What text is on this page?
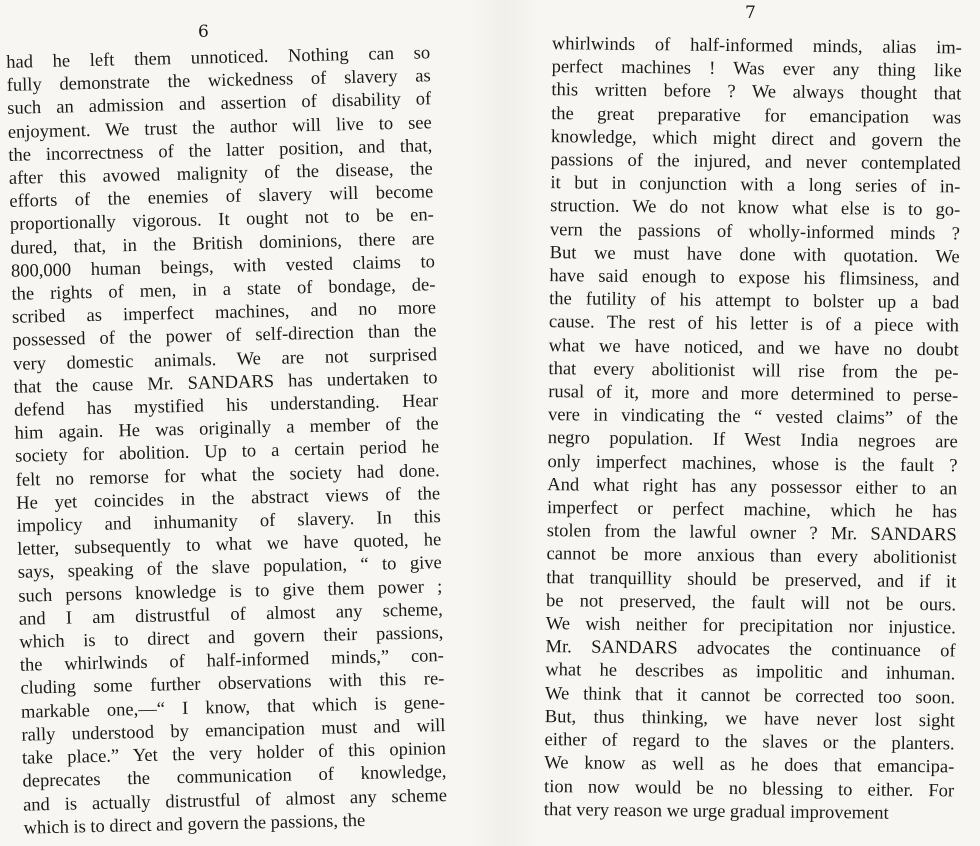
6
had he left them unnoticed. Nothing can so
fully demonstrate the wickedness of slavery as
such an admission and assertion of disability of
enjoyment. We trust the author will live to see
the incorrectness of the latter position, and that,
after this avowed malignity of the disease, the
efforts of the enemies of slavery will become
proportionally vigorous. It ought not to be en-
dured, that, in the British dominions, there are
800,000 human beings, with vested claims to
the rights of men, in a state of bondage, de-
scribed as imperfect machines, and no more
possessed of the power of self-direction than the
very domestic animals. We are not surprised
that the cause Mr. SANDARS has undertaken to
defend has mystified his understanding. Hear
him again. He was originally a member of the
society for abolition. Up to a certain period he
felt no remorse for what the society had done.
He yet coincides in the abstract views of the
impolicy and inhumanity of slavery. In this
letter, subsequently to what we have quoted, he
says, speaking of the slave population, “ to give
such persons knowledge is to give them power ;
and I am distrustful of almost any scheme,
which is to direct and govern their passions,
the whirlwinds of half-informed minds,” con-
cluding some further observations with this re-
markable one,—“ I know, that which is gene-
rally understood by emancipation must and will
take place.” Yet the very holder of this opinion
deprecates the communication of knowledge,
and is actually distrustful of almost any scheme
which is to direct and govern the passions, the
7
whirlwinds of half-informed minds, alias im-
perfect machines ! Was ever any thing like
this written before ? We always thought that
the great preparative for emancipation was
knowledge, which might direct and govern the
passions of the injured, and never contemplated
it but in conjunction with a long series of in-
struction. We do not know what else is to go-
vern the passions of wholly-informed minds ?
But we must have done with quotation. We
have said enough to expose his flimsiness, and
the futility of his attempt to bolster up a bad
cause. The rest of his letter is of a piece with
what we have noticed, and we have no doubt
that every abolitionist will rise from the pe-
rusal of it, more and more determined to perse-
vere in vindicating the “ vested claims” of the
negro population. If West India negroes are
only imperfect machines, whose is the fault ?
And what right has any possessor either to an
imperfect or perfect machine, which he has
stolen from the lawful owner ? Mr. SANDARS
cannot be more anxious than every abolitionist
that tranquillity should be preserved, and if it
be not preserved, the fault will not be ours.
We wish neither for precipitation nor injustice.
Mr. SANDARS advocates the continuance of
what he describes as impolitic and inhuman.
We think that it cannot be corrected too soon.
But, thus thinking, we have never lost sight
either of regard to the slaves or the planters.
We know as well as he does that emancipa-
tion now would be no blessing to either. For
that very reason we urge gradual improvement
